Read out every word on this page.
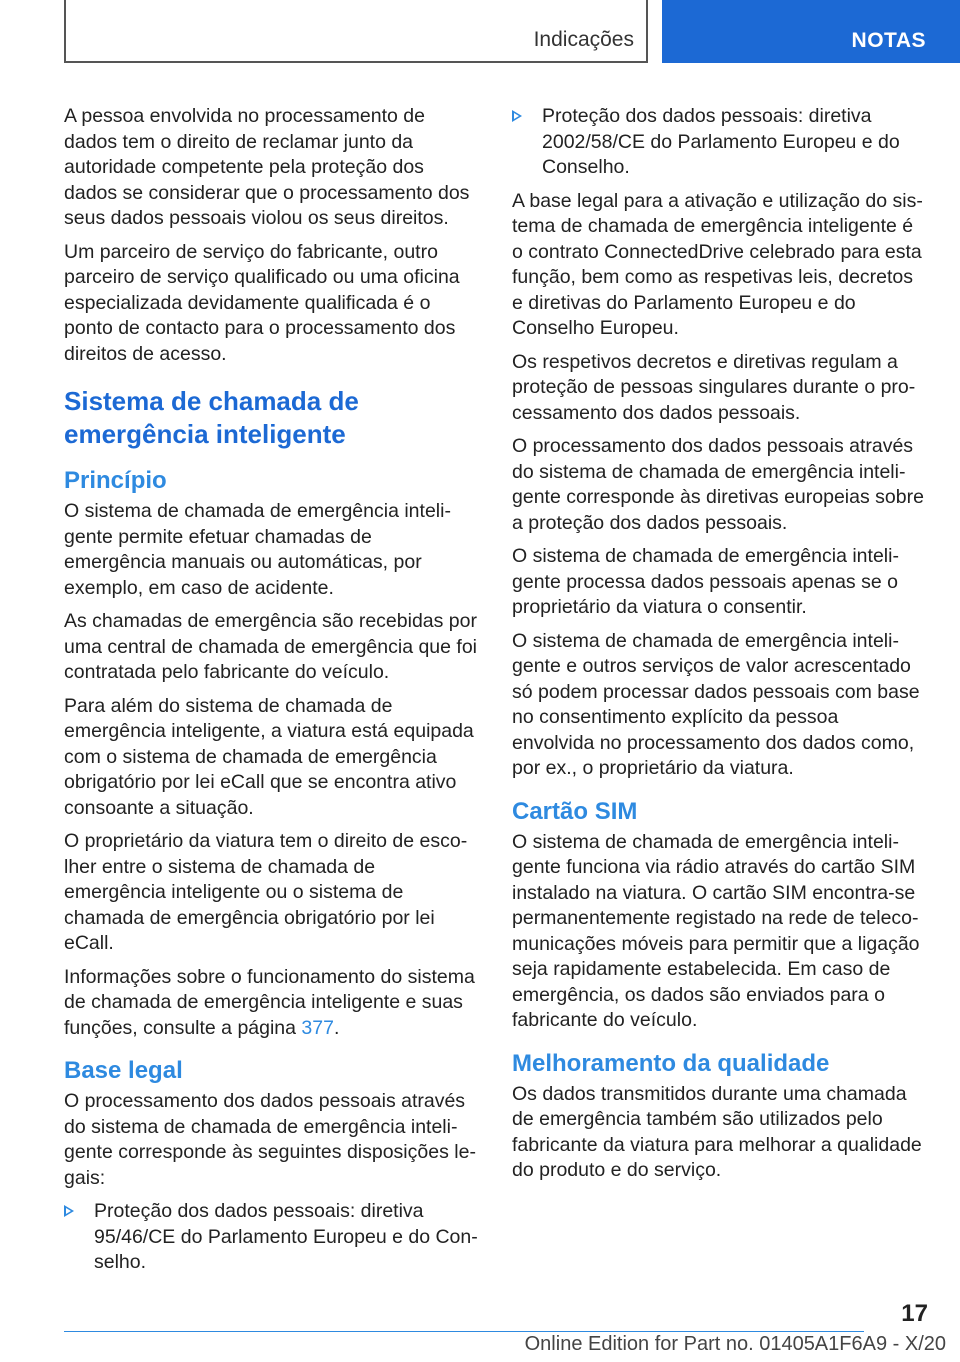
Indicações	NOTAS

A pessoa envolvida no processamento de dados tem o direito de reclamar junto da autoridade competente pela proteção dos dados se considerar que o processamento dos seus dados pessoais violou os seus direitos.

Um parceiro de serviço do fabricante, outro parceiro de serviço qualificado ou uma oficina especializada devidamente qualificada é o ponto de contacto para o processamento dos direitos de acesso.

Sistema de chamada de emergência inteligente
Princípio

O sistema de chamada de emergência inteligente permite efetuar chamadas de emergência manuais ou automáticas, por exemplo, em caso de acidente.

As chamadas de emergência são recebidas por uma central de chamada de emergência que foi contratada pelo fabricante do veículo.

Para além do sistema de chamada de emergência inteligente, a viatura está equipada com o sistema de chamada de emergência obrigatório por lei eCall que se encontra ativo consoante a situação.

O proprietário da viatura tem o direito de escolher entre o sistema de chamada de emergência inteligente ou o sistema de chamada de emergência obrigatório por lei eCall.

Informações sobre o funcionamento do sistema de chamada de emergência inteligente e suas funções, consulte a página 377.

Base legal

O processamento dos dados pessoais através do sistema de chamada de emergência inteligente corresponde às seguintes disposições legais:

Proteção dos dados pessoais: diretiva 95/46/CE do Parlamento Europeu e do Conselho.
Proteção dos dados pessoais: diretiva 2002/58/CE do Parlamento Europeu e do Conselho.

A base legal para a ativação e utilização do sistema de chamada de emergência inteligente é o contrato ConnectedDrive celebrado para esta função, bem como as respetivas leis, decretos e diretivas do Parlamento Europeu e do Conselho Europeu.

Os respetivos decretos e diretivas regulam a proteção de pessoas singulares durante o processamento dos dados pessoais.

O processamento dos dados pessoais através do sistema de chamada de emergência inteligente corresponde às diretivas europeias sobre a proteção dos dados pessoais.

O sistema de chamada de emergência inteligente processa dados pessoais apenas se o proprietário da viatura o consentir.

O sistema de chamada de emergência inteligente e outros serviços de valor acrescentado só podem processar dados pessoais com base no consentimento explícito da pessoa envolvida no processamento dos dados como, por ex., o proprietário da viatura.

Cartão SIM

O sistema de chamada de emergência inteligente funciona via rádio através do cartão SIM instalado na viatura. O cartão SIM encontra-se permanentemente registado na rede de telecomunicações móveis para permitir que a ligação seja rapidamente estabelecida. Em caso de emergência, os dados são enviados para o fabricante do veículo.

Melhoramento da qualidade

Os dados transmitidos durante uma chamada de emergência também são utilizados pelo fabricante da viatura para melhorar a qualidade do produto e do serviço.

17
Online Edition for Part no. 01405A1F6A9 - X/20
